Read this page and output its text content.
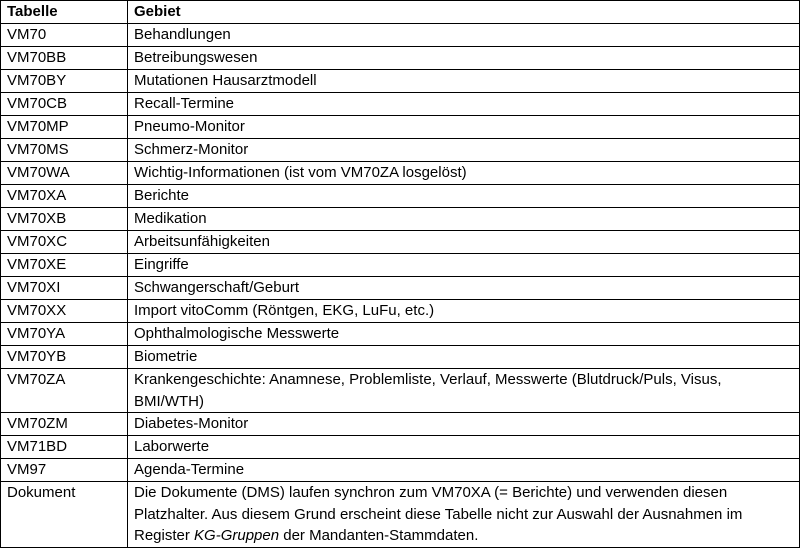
Tabelle	Gebiet
VM70	Behandlungen
VM70BB	Betreibungswesen
VM70BY	Mutationen Hausarztmodell
VM70CB	Recall-Termine
VM70MP	Pneumo-Monitor
VM70MS	Schmerz-Monitor
VM70WA	Wichtig-Informationen (ist vom VM70ZA losgelöst)
VM70XA	Berichte
VM70XB	Medikation
VM70XC	Arbeitsunfähigkeiten
VM70XE	Eingriffe
VM70XI	Schwangerschaft/Geburt
VM70XX	Import vitoComm (Röntgen, EKG, LuFu, etc.)
VM70YA	Ophthalmologische Messwerte
VM70YB	Biometrie
VM70ZA	Krankengeschichte: Anamnese, Problemliste, Verlauf, Messwerte (Blutdruck/Puls, Visus, BMI/WTH)
VM70ZM	Diabetes-Monitor
VM71BD	Laborwerte
VM97	Agenda-Termine
Dokument	Die Dokumente (DMS) laufen synchron zum VM70XA (= Berichte) und verwenden diesen Platzhalter. Aus diesem Grund erscheint diese Tabelle nicht zur Auswahl der Ausnahmen im Register KG-Gruppen der Mandanten-Stammdaten.
